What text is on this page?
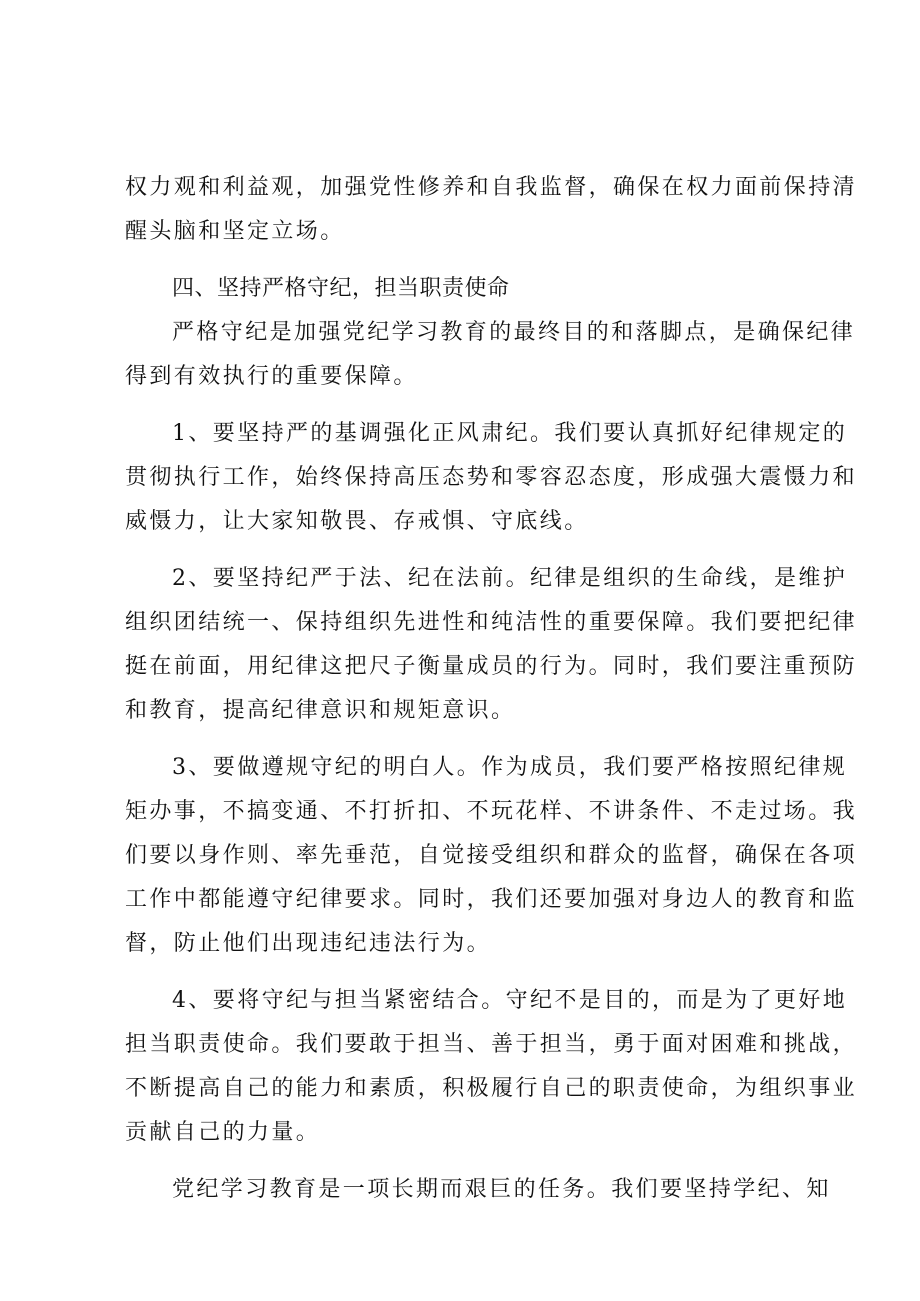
权力观和利益观，加强党性修养和自我监督，确保在权力面前保持清
醒头脑和坚定立场。
四、坚持严格守纪，担当职责使命
严格守纪是加强党纪学习教育的最终目的和落脚点，是确保纪律
得到有效执行的重要保障。
1、要坚持严的基调强化正风肃纪。我们要认真抓好纪律规定的
贯彻执行工作，始终保持高压态势和零容忍态度，形成强大震慑力和
威慑力，让大家知敬畏、存戒惧、守底线。
2、要坚持纪严于法、纪在法前。纪律是组织的生命线，是维护
组织团结统一、保持组织先进性和纯洁性的重要保障。我们要把纪律
挺在前面，用纪律这把尺子衡量成员的行为。同时，我们要注重预防
和教育，提高纪律意识和规矩意识。
3、要做遵规守纪的明白人。作为成员，我们要严格按照纪律规
矩办事，不搞变通、不打折扣、不玩花样、不讲条件、不走过场。我
们要以身作则、率先垂范，自觉接受组织和群众的监督，确保在各项
工作中都能遵守纪律要求。同时，我们还要加强对身边人的教育和监
督，防止他们出现违纪违法行为。
4、要将守纪与担当紧密结合。守纪不是目的，而是为了更好地
担当职责使命。我们要敢于担当、善于担当，勇于面对困难和挑战，
不断提高自己的能力和素质，积极履行自己的职责使命，为组织事业
贡献自己的力量。
党纪学习教育是一项长期而艰巨的任务。我们要坚持学纪、知
